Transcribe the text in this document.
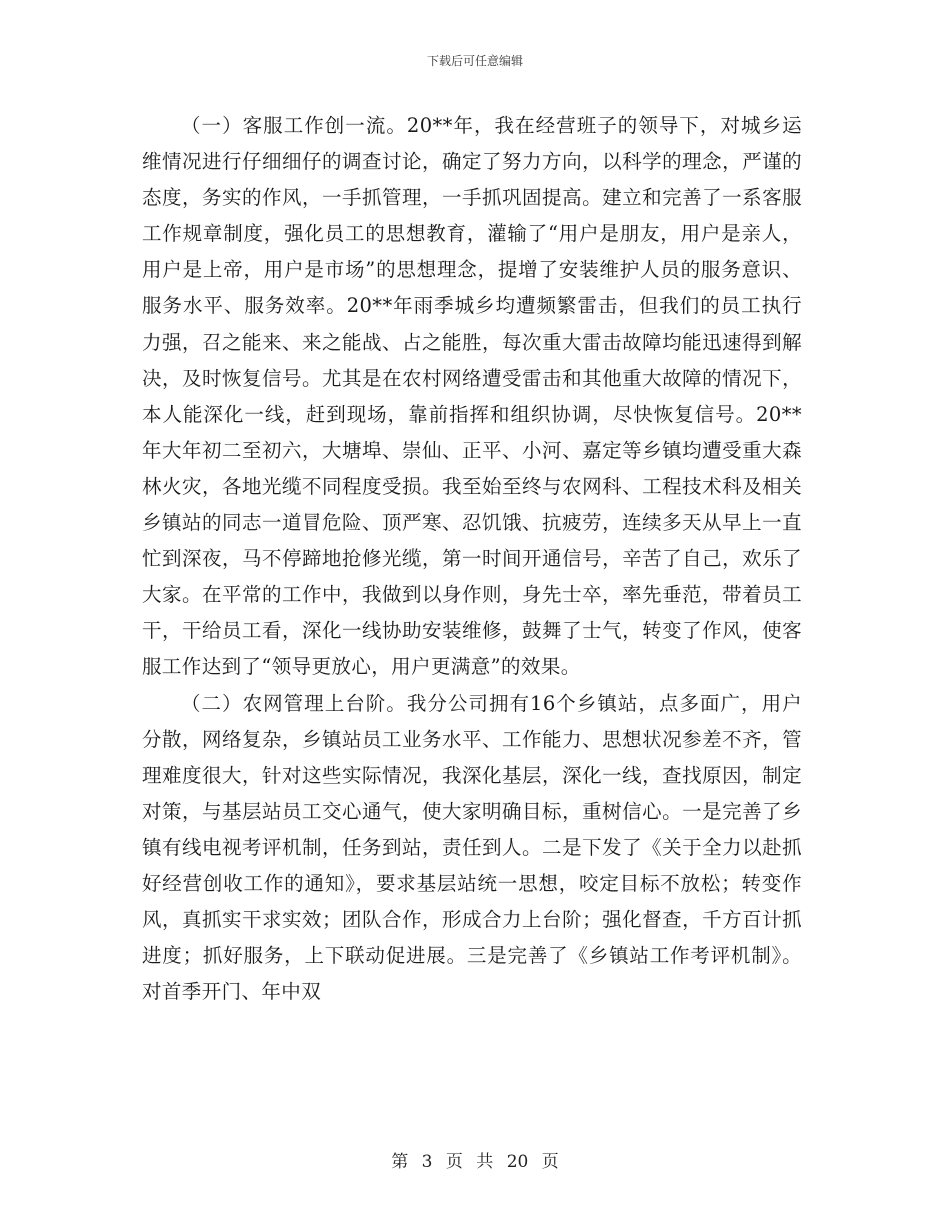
下载后可任意编辑

（一）客服工作创一流。20**年，我在经营班子的领导下，对城乡运维情况进行仔细细仔的调查讨论，确定了努力方向，以科学的理念，严谨的态度，务实的作风，一手抓管理，一手抓巩固提高。建立和完善了一系客服工作规章制度，强化员工的思想教育，灌输了“用户是朋友，用户是亲人，用户是上帝，用户是市场”的思想理念，提增了安装维护人员的服务意识、服务水平、服务效率。20**年雨季城乡均遭频繁雷击，但我们的员工执行力强，召之能来、来之能战、占之能胜，每次重大雷击故障均能迅速得到解决，及时恢复信号。尤其是在农村网络遭受雷击和其他重大故障的情况下，本人能深化一线，赶到现场，靠前指挥和组织协调，尽快恢复信号。20**年大年初二至初六，大塘埠、崇仙、正平、小河、嘉定等乡镇均遭受重大森林火灾，各地光缆不同程度受损。我至始至终与农网科、工程技术科及相关乡镇站的同志一道冒危险、顶严寒、忍饥饿、抗疲劳，连续多天从早上一直忙到深夜，马不停蹄地抢修光缆，第一时间开通信号，辛苦了自己，欢乐了大家。在平常的工作中，我做到以身作则，身先士卒，率先垂范，带着员工干，干给员工看，深化一线协助安装维修，鼓舞了士气，转变了作风，使客服工作达到了“领导更放心，用户更满意”的效果。

（二）农网管理上台阶。我分公司拥有16个乡镇站，点多面广，用户分散，网络复杂，乡镇站员工业务水平、工作能力、思想状况参差不齐，管理难度很大，针对这些实际情况，我深化基层，深化一线，查找原因，制定对策，与基层站员工交心通气，使大家明确目标，重树信心。一是完善了乡镇有线电视考评机制，任务到站，责任到人。二是下发了《关于全力以赴抓好经营创收工作的通知》，要求基层站统一思想，咬定目标不放松；转变作风，真抓实干求实效；团队合作，形成合力上台阶；强化督查，千方百计抓进度；抓好服务，上下联动促进展。三是完善了《乡镇站工作考评机制》。对首季开门、年中双

第 3 页 共 20 页
